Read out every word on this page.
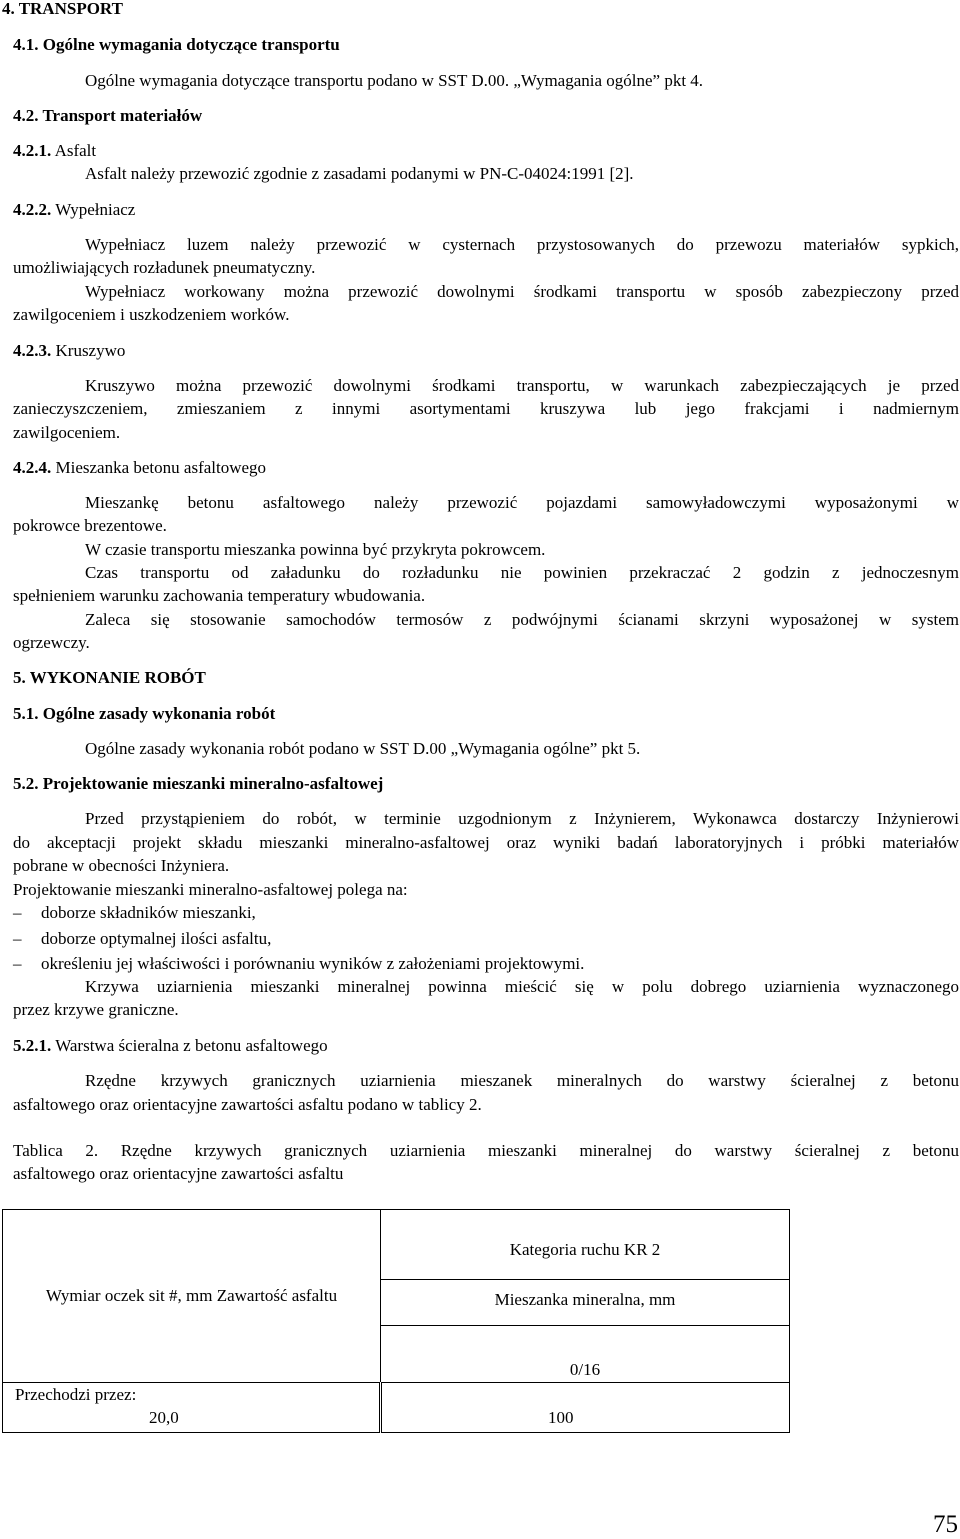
4. TRANSPORT
4.1. Ogólne wymagania dotyczące transportu
Ogólne wymagania dotyczące transportu podano w SST D.00. „Wymagania ogólne” pkt 4.
4.2. Transport materiałów
4.2.1. Asfalt
Asfalt należy przewozić zgodnie z zasadami podanymi w PN-C-04024:1991 [2].
4.2.2. Wypełniacz
Wypełniacz luzem należy przewozić w cysternach przystosowanych do przewozu materiałów sypkich,
umożliwiających rozładunek pneumatyczny.
Wypełniacz workowany można przewozić dowolnymi środkami transportu w sposób zabezpieczony przed
zawilgoceniem i uszkodzeniem worków.
4.2.3. Kruszywo
Kruszywo można przewozić dowolnymi środkami transportu, w warunkach zabezpieczających je przed
zanieczyszczeniem, zmieszaniem z innymi asortymentami kruszywa lub jego frakcjami i nadmiernym
zawilgoceniem.
4.2.4. Mieszanka betonu asfaltowego
Mieszankę betonu asfaltowego należy przewozić pojazdami samowyładowczymi wyposażonymi w
pokrowce brezentowe.
W czasie transportu mieszanka powinna być przykryta pokrowcem.
Czas transportu od załadunku do rozładunku nie powinien przekraczać 2 godzin z jednoczesnym
spełnieniem warunku zachowania temperatury wbudowania.
Zaleca się stosowanie samochodów termosów z podwójnymi ścianami skrzyni wyposażonej w system
ogrzewczy.
5. WYKONANIE ROBÓT
5.1. Ogólne zasady wykonania robót
Ogólne zasady wykonania robót podano w SST D.00 „Wymagania ogólne” pkt 5.
5.2. Projektowanie mieszanki mineralno-asfaltowej
Przed przystąpieniem do robót, w terminie uzgodnionym z Inżynierem, Wykonawca dostarczy Inżynierowi
do akceptacji projekt składu mieszanki mineralno-asfaltowej oraz wyniki badań laboratoryjnych i próbki materiałów
pobrane w obecności Inżyniera.
Projektowanie mieszanki mineralno-asfaltowej polega na:
– doborze składników mieszanki,
– doborze optymalnej ilości asfaltu,
– określeniu jej właściwości i porównaniu wyników z założeniami projektowymi.
Krzywa uziarnienia mieszanki mineralnej powinna mieścić się w polu dobrego uziarnienia wyznaczonego
przez krzywe graniczne.
5.2.1. Warstwa ścieralna z betonu asfaltowego
Rzędne krzywych granicznych uziarnienia mieszanek mineralnych do warstwy ścieralnej z betonu
asfaltowego oraz orientacyjne zawartości asfaltu podano w tablicy 2.
Tablica 2. Rzędne krzywych granicznych uziarnienia mieszanki mineralnej do warstwy ścieralnej z betonu
asfaltowego oraz orientacyjne zawartości asfaltu
Wymiar oczek sit #, mm Zawartość asfaltu	Kategoria ruchu KR 2
	Mieszanka mineralna, mm
	0/16

Przechodzi przez:
20,0	100
75
